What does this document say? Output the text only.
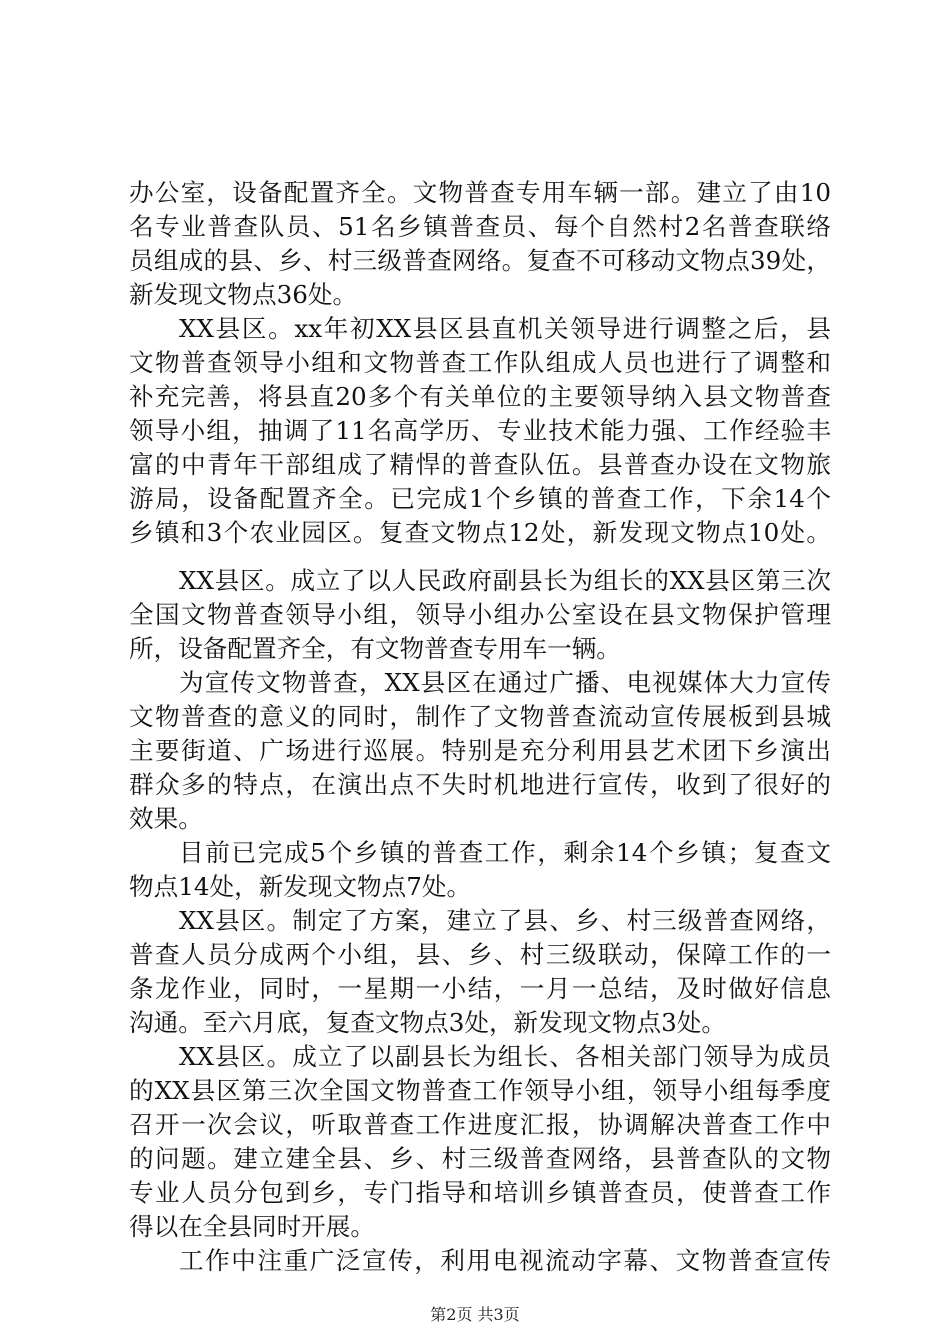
办公室，设备配置齐全。文物普查专用车辆一部。建立了由10

名专业普查队员、51名乡镇普查员、每个自然村2名普查联络

员组成的县、乡、村三级普查网络。复查不可移动文物点39处，

新发现文物点36处。

XX县区。xx年初XX县区县直机关领导进行调整之后，县

文物普查领导小组和文物普查工作队组成人员也进行了调整和

补充完善，将县直20多个有关单位的主要领导纳入县文物普查

领导小组，抽调了11名高学历、专业技术能力强、工作经验丰

富的中青年干部组成了精悍的普查队伍。县普查办设在文物旅

游局，设备配置齐全。已完成1个乡镇的普查工作，下余14个

乡镇和3个农业园区。复查文物点12处，新发现文物点10处。

XX县区。成立了以人民政府副县长为组长的XX县区第三次

全国文物普查领导小组，领导小组办公室设在县文物保护管理

所，设备配置齐全，有文物普查专用车一辆。

为宣传文物普查，XX县区在通过广播、电视媒体大力宣传

文物普查的意义的同时，制作了文物普查流动宣传展板到县城

主要街道、广场进行巡展。特别是充分利用县艺术团下乡演出

群众多的特点，在演出点不失时机地进行宣传，收到了很好的

效果。

目前已完成5个乡镇的普查工作，剩余14个乡镇；复查文

物点14处，新发现文物点7处。

XX县区。制定了方案，建立了县、乡、村三级普查网络，

普查人员分成两个小组，县、乡、村三级联动，保障工作的一

条龙作业，同时，一星期一小结，一月一总结，及时做好信息

沟通。至六月底，复查文物点3处，新发现文物点3处。

XX县区。成立了以副县长为组长、各相关部门领导为成员

的XX县区第三次全国文物普查工作领导小组，领导小组每季度

召开一次会议，听取普查工作进度汇报，协调解决普查工作中

的问题。建立建全县、乡、村三级普查网络，县普查队的文物

专业人员分包到乡，专门指导和培训乡镇普查员，使普查工作

得以在全县同时开展。

工作中注重广泛宣传，利用电视流动字幕、文物普查宣传

第2页 共3页
